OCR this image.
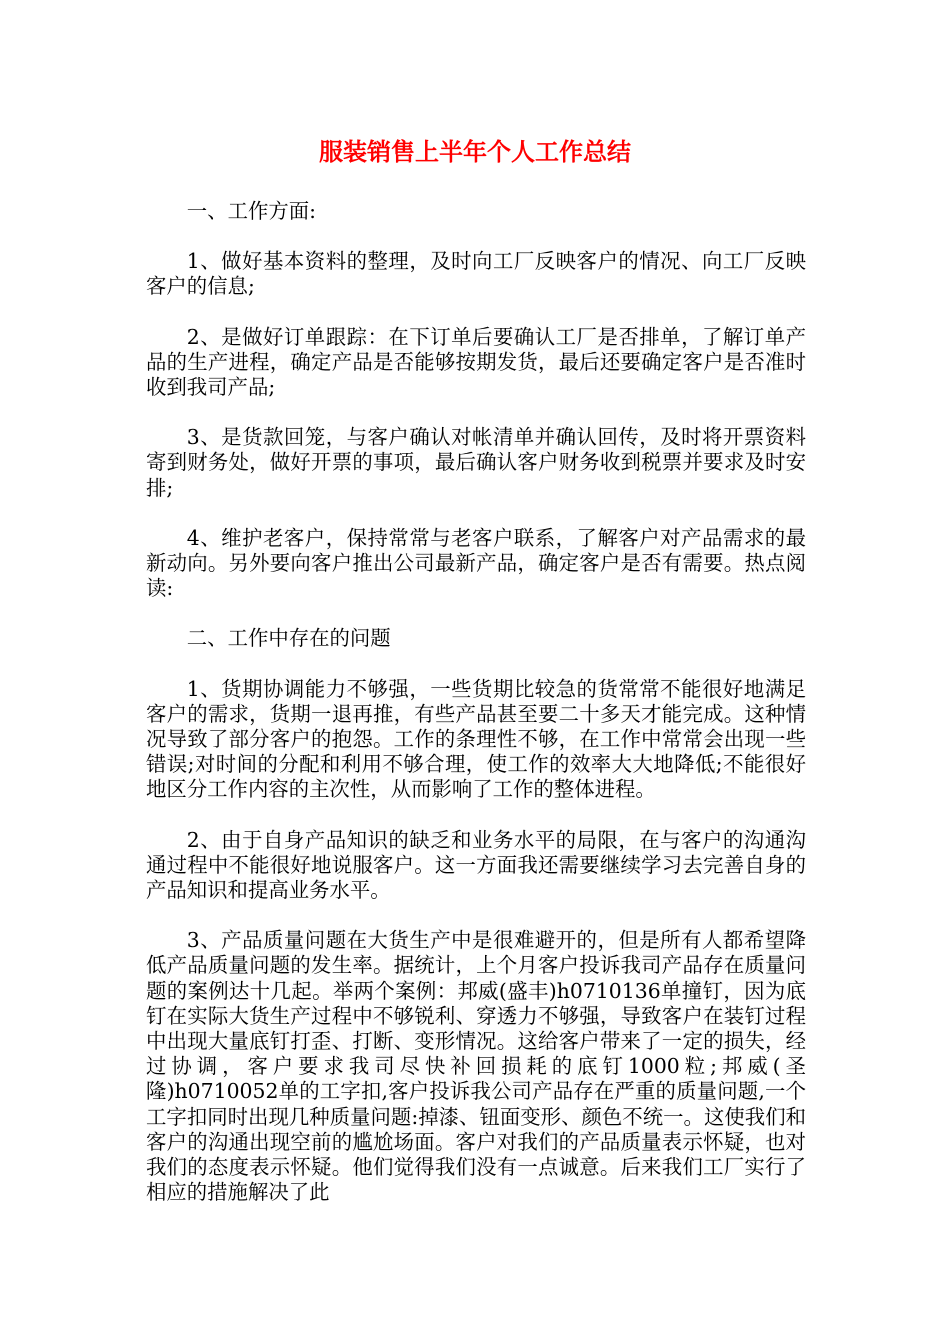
服装销售上半年个人工作总结

一、工作方面:

1、做好基本资料的整理，及时向工厂反映客户的情况、向工厂反映客户的信息;

2、是做好订单跟踪：在下订单后要确认工厂是否排单，了解订单产品的生产进程，确定产品是否能够按期发货，最后还要确定客户是否准时收到我司产品;

3、是货款回笼，与客户确认对帐清单并确认回传，及时将开票资料寄到财务处，做好开票的事项，最后确认客户财务收到税票并要求及时安排;

4、维护老客户，保持常常与老客户联系，了解客户对产品需求的最新动向。另外要向客户推出公司最新产品，确定客户是否有需要。热点阅读:

二、工作中存在的问题

1、货期协调能力不够强，一些货期比较急的货常常不能很好地满足客户的需求，货期一退再推，有些产品甚至要二十多天才能完成。这种情况导致了部分客户的抱怨。工作的条理性不够，在工作中常常会出现一些错误;对时间的分配和利用不够合理，使工作的效率大大地降低;不能很好地区分工作内容的主次性，从而影响了工作的整体进程。

2、由于自身产品知识的缺乏和业务水平的局限，在与客户的沟通沟通过程中不能很好地说服客户。这一方面我还需要继续学习去完善自身的产品知识和提高业务水平。

3、产品质量问题在大货生产中是很难避开的，但是所有人都希望降低产品质量问题的发生率。据统计，上个月客户投诉我司产品存在质量问题的案例达十几起。举两个案例：邦威(盛丰)h0710136单撞钉，因为底钉在实际大货生产过程中不够锐利、穿透力不够强，导致客户在装钉过程中出现大量底钉打歪、打断、变形情况。这给客户带来了一定的损失，经过协调，客户要求我司尽快补回损耗的底钉1000粒;邦威(圣隆)h0710052单的工字扣,客户投诉我公司产品存在严重的质量问题,一个工字扣同时出现几种质量问题:掉漆、钮面变形、颜色不统一。这使我们和客户的沟通出现空前的尴尬场面。客户对我们的产品质量表示怀疑，也对我们的态度表示怀疑。他们觉得我们没有一点诚意。后来我们工厂实行了相应的措施解决了此
